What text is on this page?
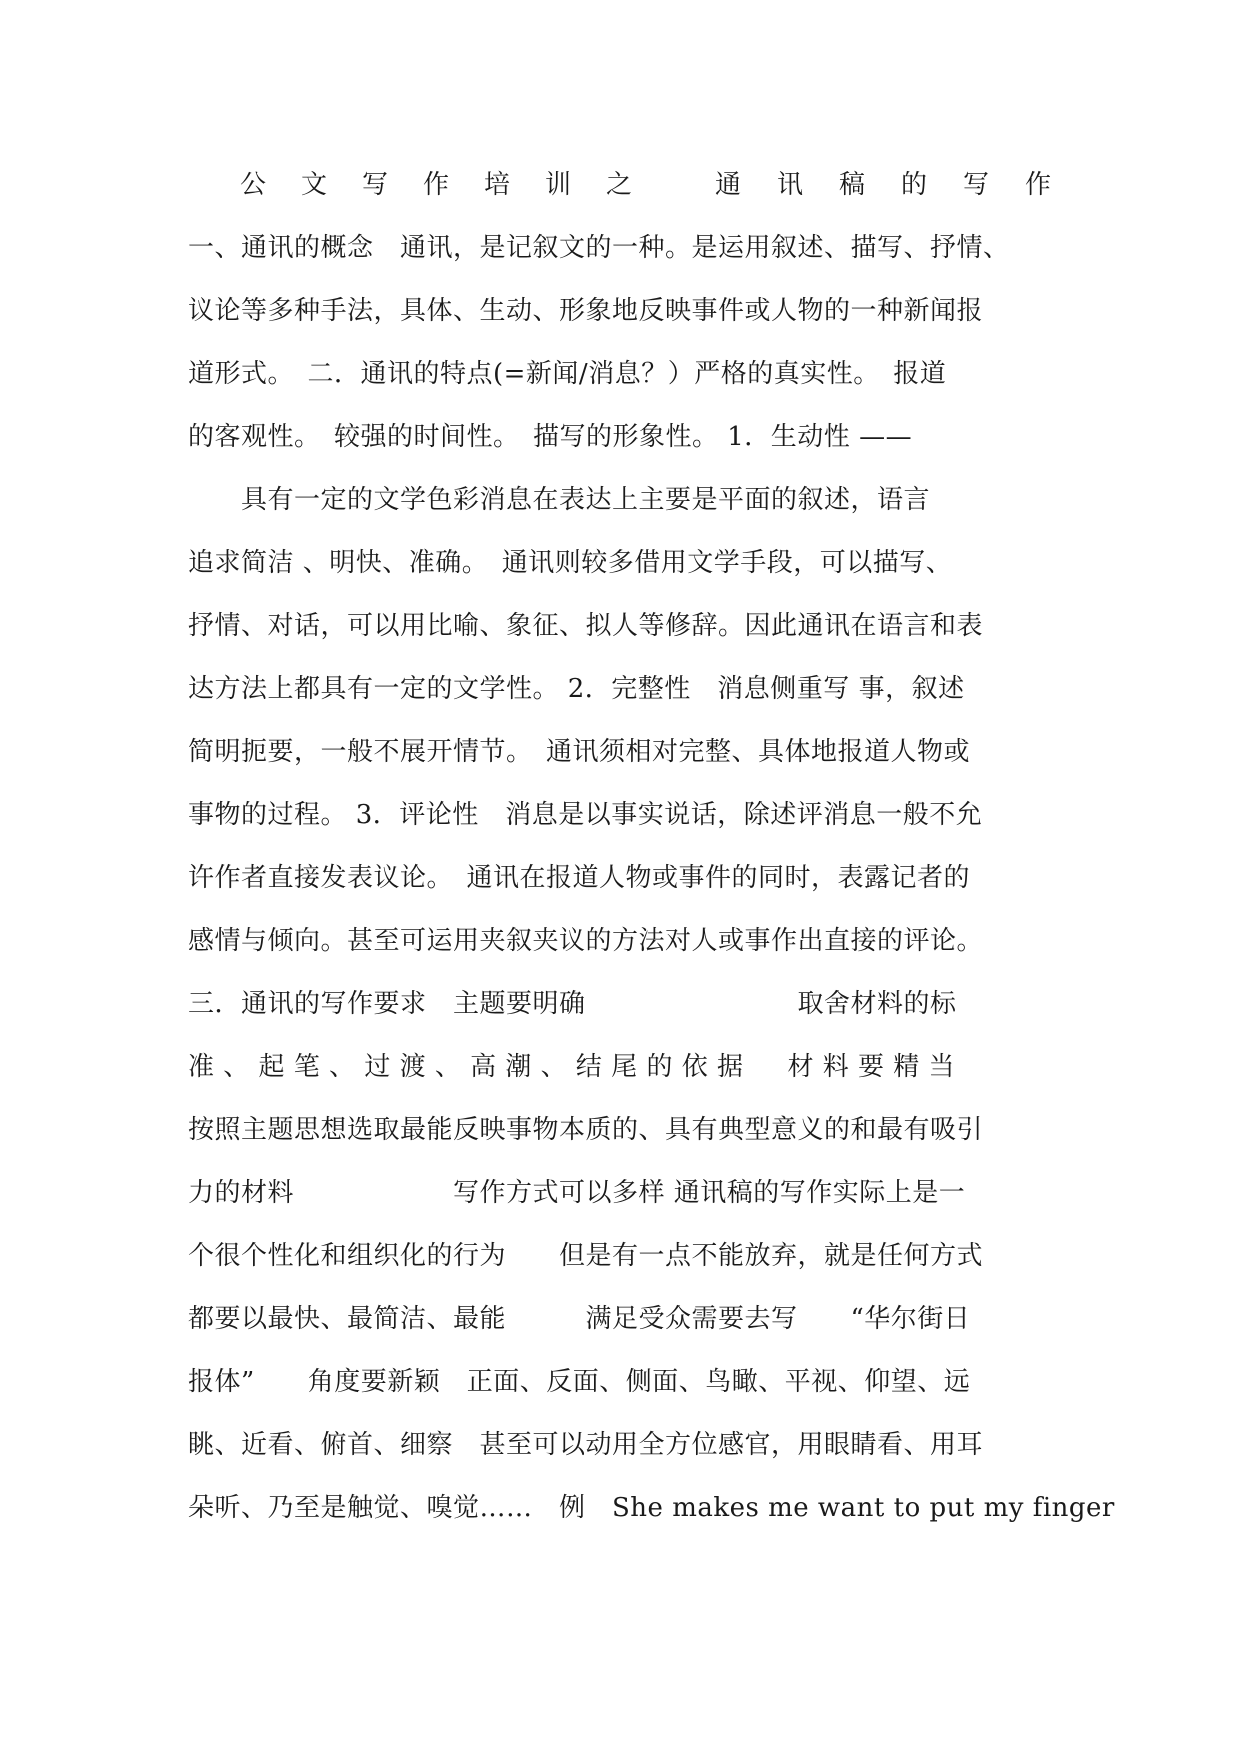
公

文

写

作

培

训

之

	通

讯

稿

的

写

作

一、通讯的概念　通讯，是记叙文的一种。是运用叙述、描写、抒情、
议论等多种手法，具体、生动、形象地反映事件或人物的一种新闻报
道形式。　二．通讯的特点(=新闻/消息？）严格的真实性。　报道
的客观性。　较强的时间性。　描写的形象性。 1．生动性 ——
　　具有一定的文学色彩消息在表达上主要是平面的叙述，语言
追求简洁 、明快、准确。　通讯则较多借用文学手段，可以描写、
抒情、对话，可以用比喻、象征、拟人等修辞。因此通讯在语言和表
达方法上都具有一定的文学性。 2．完整性　消息侧重写 事，叙述
简明扼要，一般不展开情节。　通讯须相对完整、具体地报道人物或
事物的过程。 3．评论性　消息是以事实说话，除述评消息一般不允
许作者直接发表议论。　通讯在报道人物或事件的同时，表露记者的
感情与倾向。甚至可运用夹叙夹议的方法对人或事作出直接的评论。
三．通讯的写作要求　主题要明确　　　　　　　　取舍材料的标
准 、 起 笔 、 过 渡 、 高 潮 、 结 尾 的 依 据 　 材 料 要 精 当
按照主题思想选取最能反映事物本质的、具有典型意义的和最有吸引
力的材料　　　　　　写作方式可以多样 通讯稿的写作实际上是一
个很个性化和组织化的行为　　但是有一点不能放弃，就是任何方式
都要以最快、最简洁、最能　　　满足受众需要去写　　“华尔街日
报体”　　角度要新颖　正面、反面、侧面、鸟瞰、平视、仰望、远
眺、近看、俯首、细察　甚至可以动用全方位感官，用眼睛看、用耳
朵听、乃至是触觉、嗅觉……　例　She makes me want to put my finger
